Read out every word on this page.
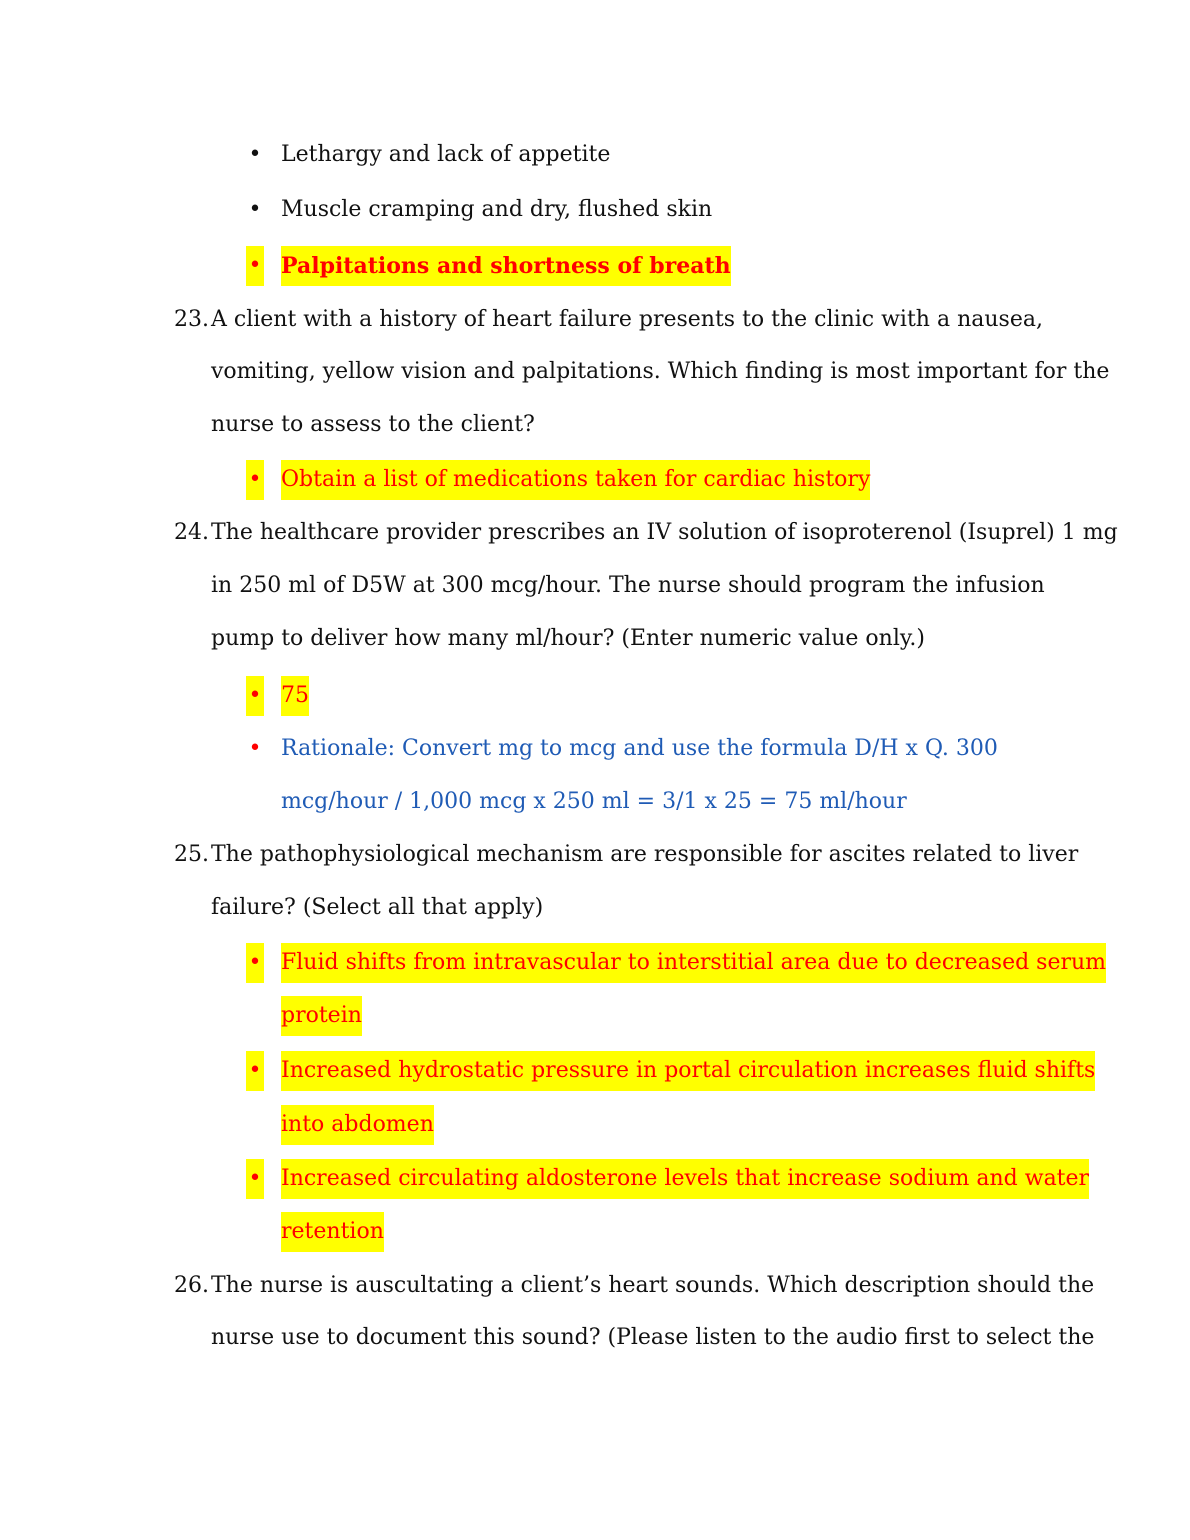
• Lethargy and lack of appetite
• Muscle cramping and dry, flushed skin
• Palpitations and shortness of breath
23. A client with a history of heart failure presents to the clinic with a nausea,
vomiting, yellow vision and palpitations. Which finding is most important for the
nurse to assess to the client?
• Obtain a list of medications taken for cardiac history
24. The healthcare provider prescribes an IV solution of isoproterenol (Isuprel) 1 mg
in 250 ml of D5W at 300 mcg/hour. The nurse should program the infusion
pump to deliver how many ml/hour? (Enter numeric value only.)
• 75
• Rationale: Convert mg to mcg and use the formula D/H x Q. 300
mcg/hour / 1,000 mcg x 250 ml = 3/1 x 25 = 75 ml/hour
25. The pathophysiological mechanism are responsible for ascites related to liver
failure? (Select all that apply)
• Fluid shifts from intravascular to interstitial area due to decreased serum
protein
• Increased hydrostatic pressure in portal circulation increases fluid shifts
into abdomen
• Increased circulating aldosterone levels that increase sodium and water
retention
26. The nurse is auscultating a client’s heart sounds. Which description should the
nurse use to document this sound? (Please listen to the audio first to select the
